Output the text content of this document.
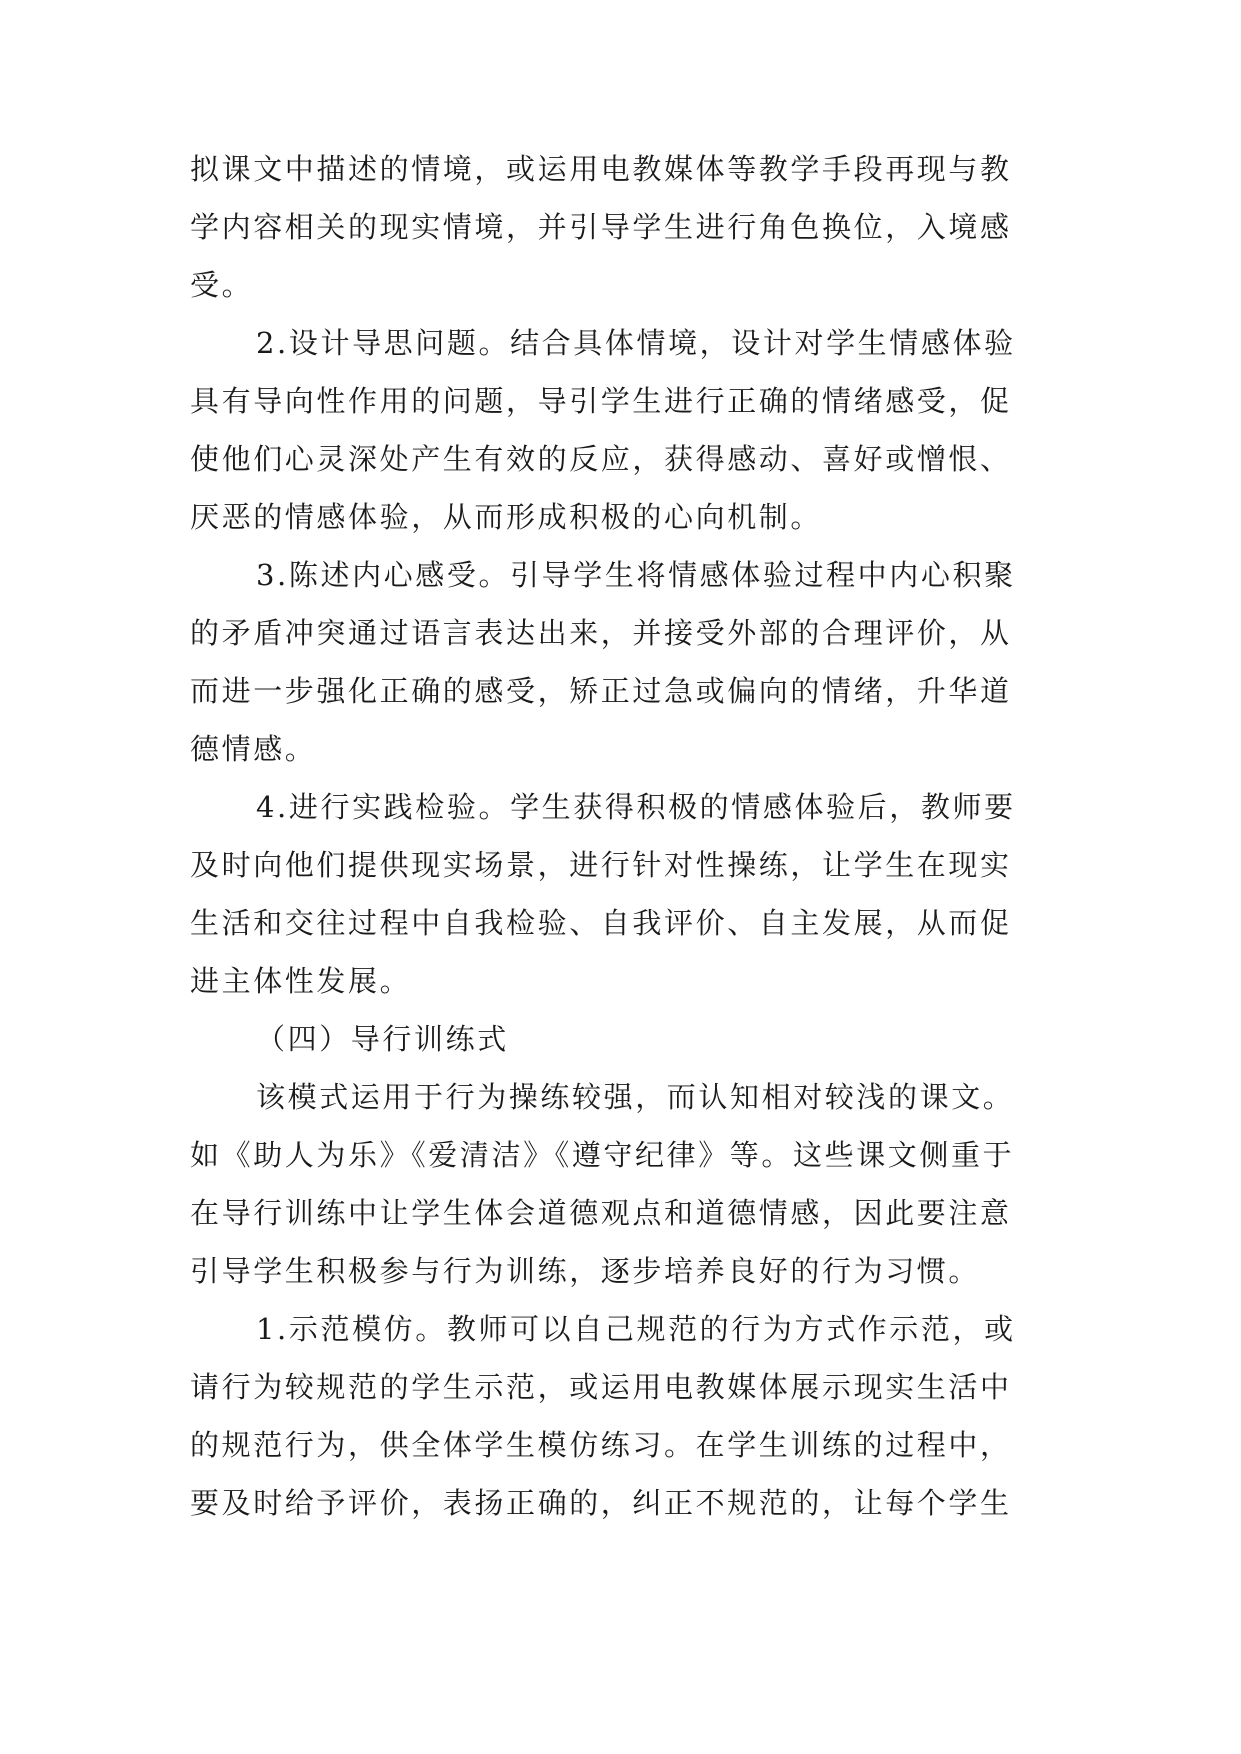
拟课文中描述的情境，或运用电教媒体等教学手段再现与教
学内容相关的现实情境，并引导学生进行角色换位，入境感
受。
2.设计导思问题。结合具体情境，设计对学生情感体验
具有导向性作用的问题，导引学生进行正确的情绪感受，促
使他们心灵深处产生有效的反应，获得感动、喜好或憎恨、
厌恶的情感体验，从而形成积极的心向机制。
3.陈述内心感受。引导学生将情感体验过程中内心积聚
的矛盾冲突通过语言表达出来，并接受外部的合理评价，从
而进一步强化正确的感受，矫正过急或偏向的情绪，升华道
德情感。
4.进行实践检验。学生获得积极的情感体验后，教师要
及时向他们提供现实场景，进行针对性操练，让学生在现实
生活和交往过程中自我检验、自我评价、自主发展，从而促
进主体性发展。
（四）导行训练式
该模式运用于行为操练较强，而认知相对较浅的课文。
如《助人为乐》《爱清洁》《遵守纪律》等。这些课文侧重于
在导行训练中让学生体会道德观点和道德情感，因此要注意
引导学生积极参与行为训练，逐步培养良好的行为习惯。
1.示范模仿。教师可以自己规范的行为方式作示范，或
请行为较规范的学生示范，或运用电教媒体展示现实生活中
的规范行为，供全体学生模仿练习。在学生训练的过程中，
要及时给予评价，表扬正确的，纠正不规范的，让每个学生
